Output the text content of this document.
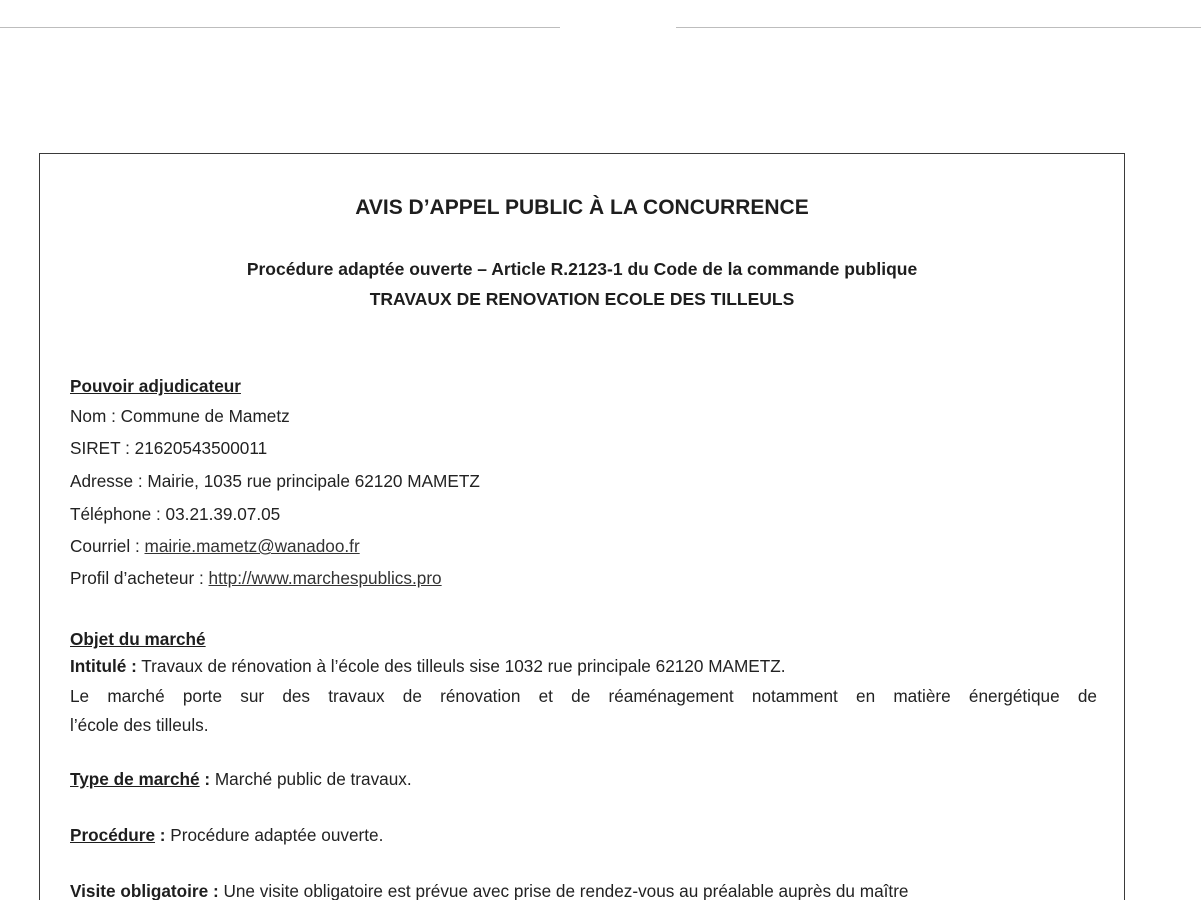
AVIS D’APPEL PUBLIC À LA CONCURRENCE
Procédure adaptée ouverte – Article R.2123-1 du Code de la commande publique
TRAVAUX DE RENOVATION ECOLE DES TILLEULS
Pouvoir adjudicateur
Nom : Commune de Mametz
SIRET : 21620543500011
Adresse : Mairie, 1035 rue principale 62120 MAMETZ
Téléphone : 03.21.39.07.05
Courriel : mairie.mametz@wanadoo.fr
Profil d’acheteur : http://www.marchespublics.pro
Objet du marché
Intitulé : Travaux de rénovation à l’école des tilleuls sise 1032 rue principale 62120 MAMETZ.
Le marché porte sur des travaux de rénovation et de réaménagement notamment en matière énergétique de
l’école des tilleuls.
Type de marché : Marché public de travaux.
Procédure : Procédure adaptée ouverte.
Visite obligatoire : Une visite obligatoire est prévue avec prise de rendez-vous au préalable auprès du maître
